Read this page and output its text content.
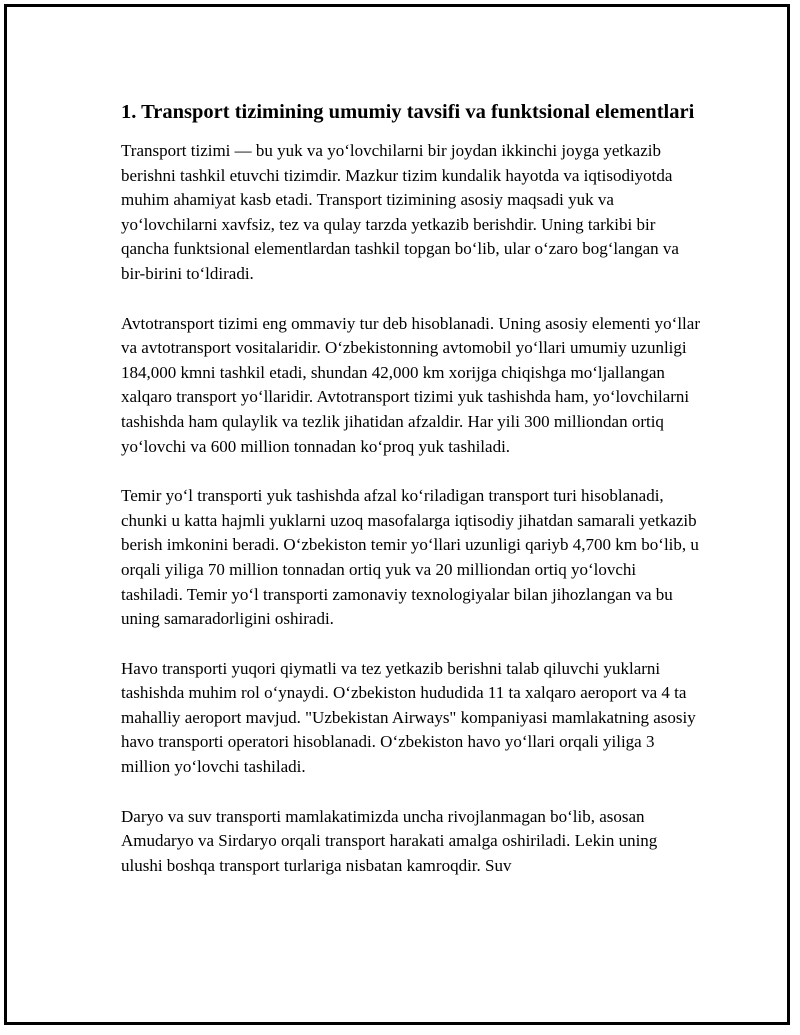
1. Transport tizimining umumiy tavsifi va funktsional elementlari

Transport tizimi — bu yuk va yo‘lovchilarni bir joydan ikkinchi joyga yetkazib berishni tashkil etuvchi tizimdir. Mazkur tizim kundalik hayotda va iqtisodiyotda muhim ahamiyat kasb etadi. Transport tizimining asosiy maqsadi yuk va yo‘lovchilarni xavfsiz, tez va qulay tarzda yetkazib berishdir. Uning tarkibi bir qancha funktsional elementlardan tashkil topgan bo‘lib, ular o‘zaro bog‘langan va bir-birini to‘ldiradi.

Avtotransport tizimi eng ommaviy tur deb hisoblanadi. Uning asosiy elementi yo‘llar va avtotransport vositalaridir. O‘zbekistonning avtomobil yo‘llari umumiy uzunligi 184,000 kmni tashkil etadi, shundan 42,000 km xorijga chiqishga mo‘ljallangan xalqaro transport yo‘llaridir. Avtotransport tizimi yuk tashishda ham, yo‘lovchilarni tashishda ham qulaylik va tezlik jihatidan afzaldir. Har yili 300 milliondan ortiq yo‘lovchi va 600 million tonnadan ko‘proq yuk tashiladi.

Temir yo‘l transporti yuk tashishda afzal ko‘riladigan transport turi hisoblanadi, chunki u katta hajmli yuklarni uzoq masofalarga iqtisodiy jihatdan samarali yetkazib berish imkonini beradi. O‘zbekiston temir yo‘llari uzunligi qariyb 4,700 km bo‘lib, u orqali yiliga 70 million tonnadan ortiq yuk va 20 milliondan ortiq yo‘lovchi tashiladi. Temir yo‘l transporti zamonaviy texnologiyalar bilan jihozlangan va bu uning samaradorligini oshiradi.

Havo transporti yuqori qiymatli va tez yetkazib berishni talab qiluvchi yuklarni tashishda muhim rol o‘ynaydi. O‘zbekiston hududida 11 ta xalqaro aeroport va 4 ta mahalliy aeroport mavjud. "Uzbekistan Airways" kompaniyasi mamlakatning asosiy havo transporti operatori hisoblanadi. O‘zbekiston havo yo‘llari orqali yiliga 3 million yo‘lovchi tashiladi.

Daryo va suv transporti mamlakatimizda uncha rivojlanmagan bo‘lib, asosan Amudaryo va Sirdaryo orqali transport harakati amalga oshiriladi. Lekin uning ulushi boshqa transport turlariga nisbatan kamroqdir. Suv
